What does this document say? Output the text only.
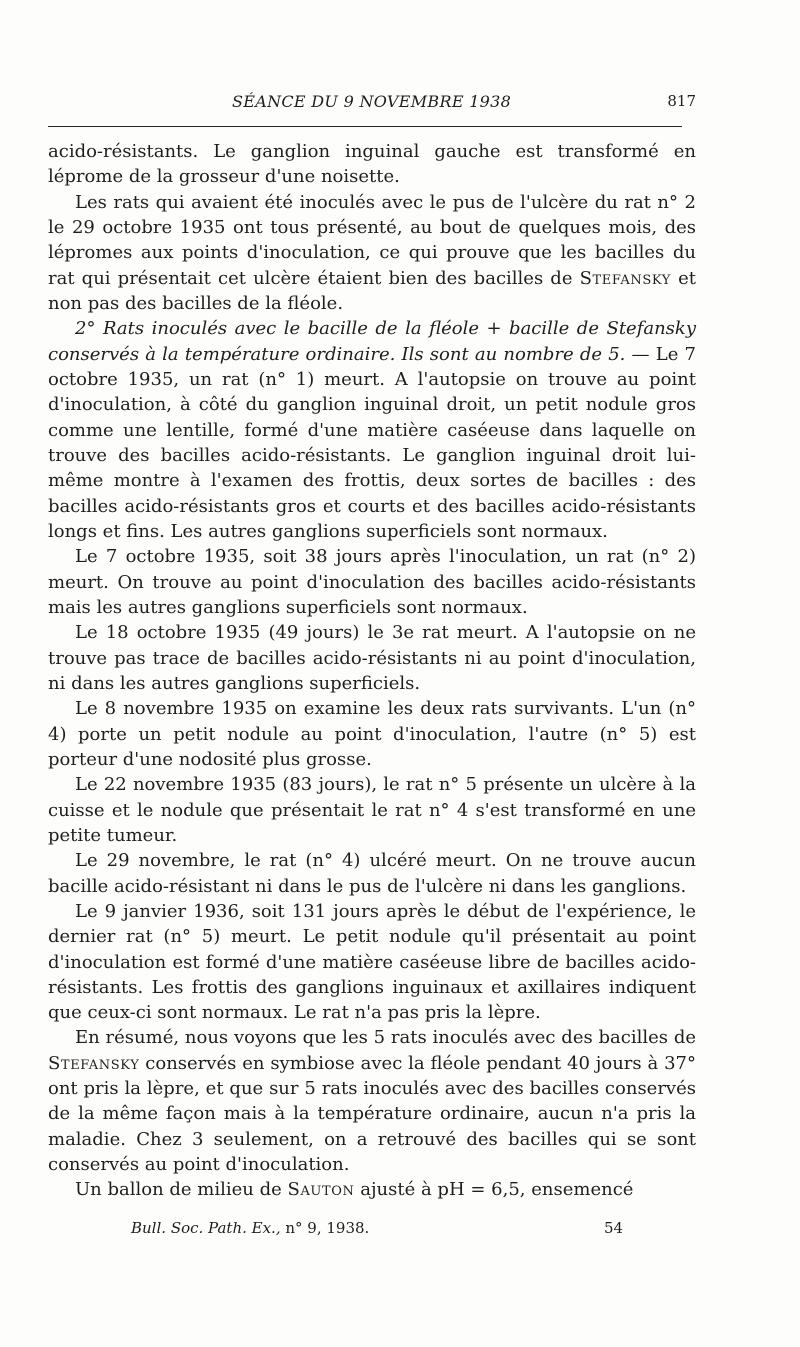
SÉANCE DU 9 NOVEMBRE 1938	817

acido-résistants. Le ganglion inguinal gauche est transformé en léprome de la grosseur d'une noisette.

Les rats qui avaient été inoculés avec le pus de l'ulcère du rat n° 2 le 29 octobre 1935 ont tous présenté, au bout de quelques mois, des lépromes aux points d'inoculation, ce qui prouve que les bacilles du rat qui présentait cet ulcère étaient bien des bacilles de Stefansky et non pas des bacilles de la fléole.

2° Rats inoculés avec le bacille de la fléole + bacille de Stefansky conservés à la température ordinaire. Ils sont au nombre de 5. — Le 7 octobre 1935, un rat (n° 1) meurt. A l'autopsie on trouve au point d'inoculation, à côté du ganglion inguinal droit, un petit nodule gros comme une lentille, formé d'une matière caséeuse dans laquelle on trouve des bacilles acido-résistants. Le ganglion inguinal droit lui-même montre à l'examen des frottis, deux sortes de bacilles : des bacilles acido-résistants gros et courts et des bacilles acido-résistants longs et fins. Les autres ganglions superficiels sont normaux.

Le 7 octobre 1935, soit 38 jours après l'inoculation, un rat (n° 2) meurt. On trouve au point d'inoculation des bacilles acido-résistants mais les autres ganglions superficiels sont normaux.

Le 18 octobre 1935 (49 jours) le 3e rat meurt. A l'autopsie on ne trouve pas trace de bacilles acido-résistants ni au point d'inoculation, ni dans les autres ganglions superficiels.

Le 8 novembre 1935 on examine les deux rats survivants. L'un (n° 4) porte un petit nodule au point d'inoculation, l'autre (n° 5) est porteur d'une nodosité plus grosse.

Le 22 novembre 1935 (83 jours), le rat n° 5 présente un ulcère à la cuisse et le nodule que présentait le rat n° 4 s'est transformé en une petite tumeur.

Le 29 novembre, le rat (n° 4) ulcéré meurt. On ne trouve aucun bacille acido-résistant ni dans le pus de l'ulcère ni dans les ganglions.

Le 9 janvier 1936, soit 131 jours après le début de l'expérience, le dernier rat (n° 5) meurt. Le petit nodule qu'il présentait au point d'inoculation est formé d'une matière caséeuse libre de bacilles acido-résistants. Les frottis des ganglions inguinaux et axillaires indiquent que ceux-ci sont normaux. Le rat n'a pas pris la lèpre.

En résumé, nous voyons que les 5 rats inoculés avec des bacilles de Stefansky conservés en symbiose avec la fléole pendant 40 jours à 37° ont pris la lèpre, et que sur 5 rats inoculés avec des bacilles conservés de la même façon mais à la température ordinaire, aucun n'a pris la maladie. Chez 3 seulement, on a retrouvé des bacilles qui se sont conservés au point d'inoculation.

Un ballon de milieu de Sauton ajusté à pH = 6,5, ensemencé

Bull. Soc. Path. Ex., n° 9, 1938.	54
